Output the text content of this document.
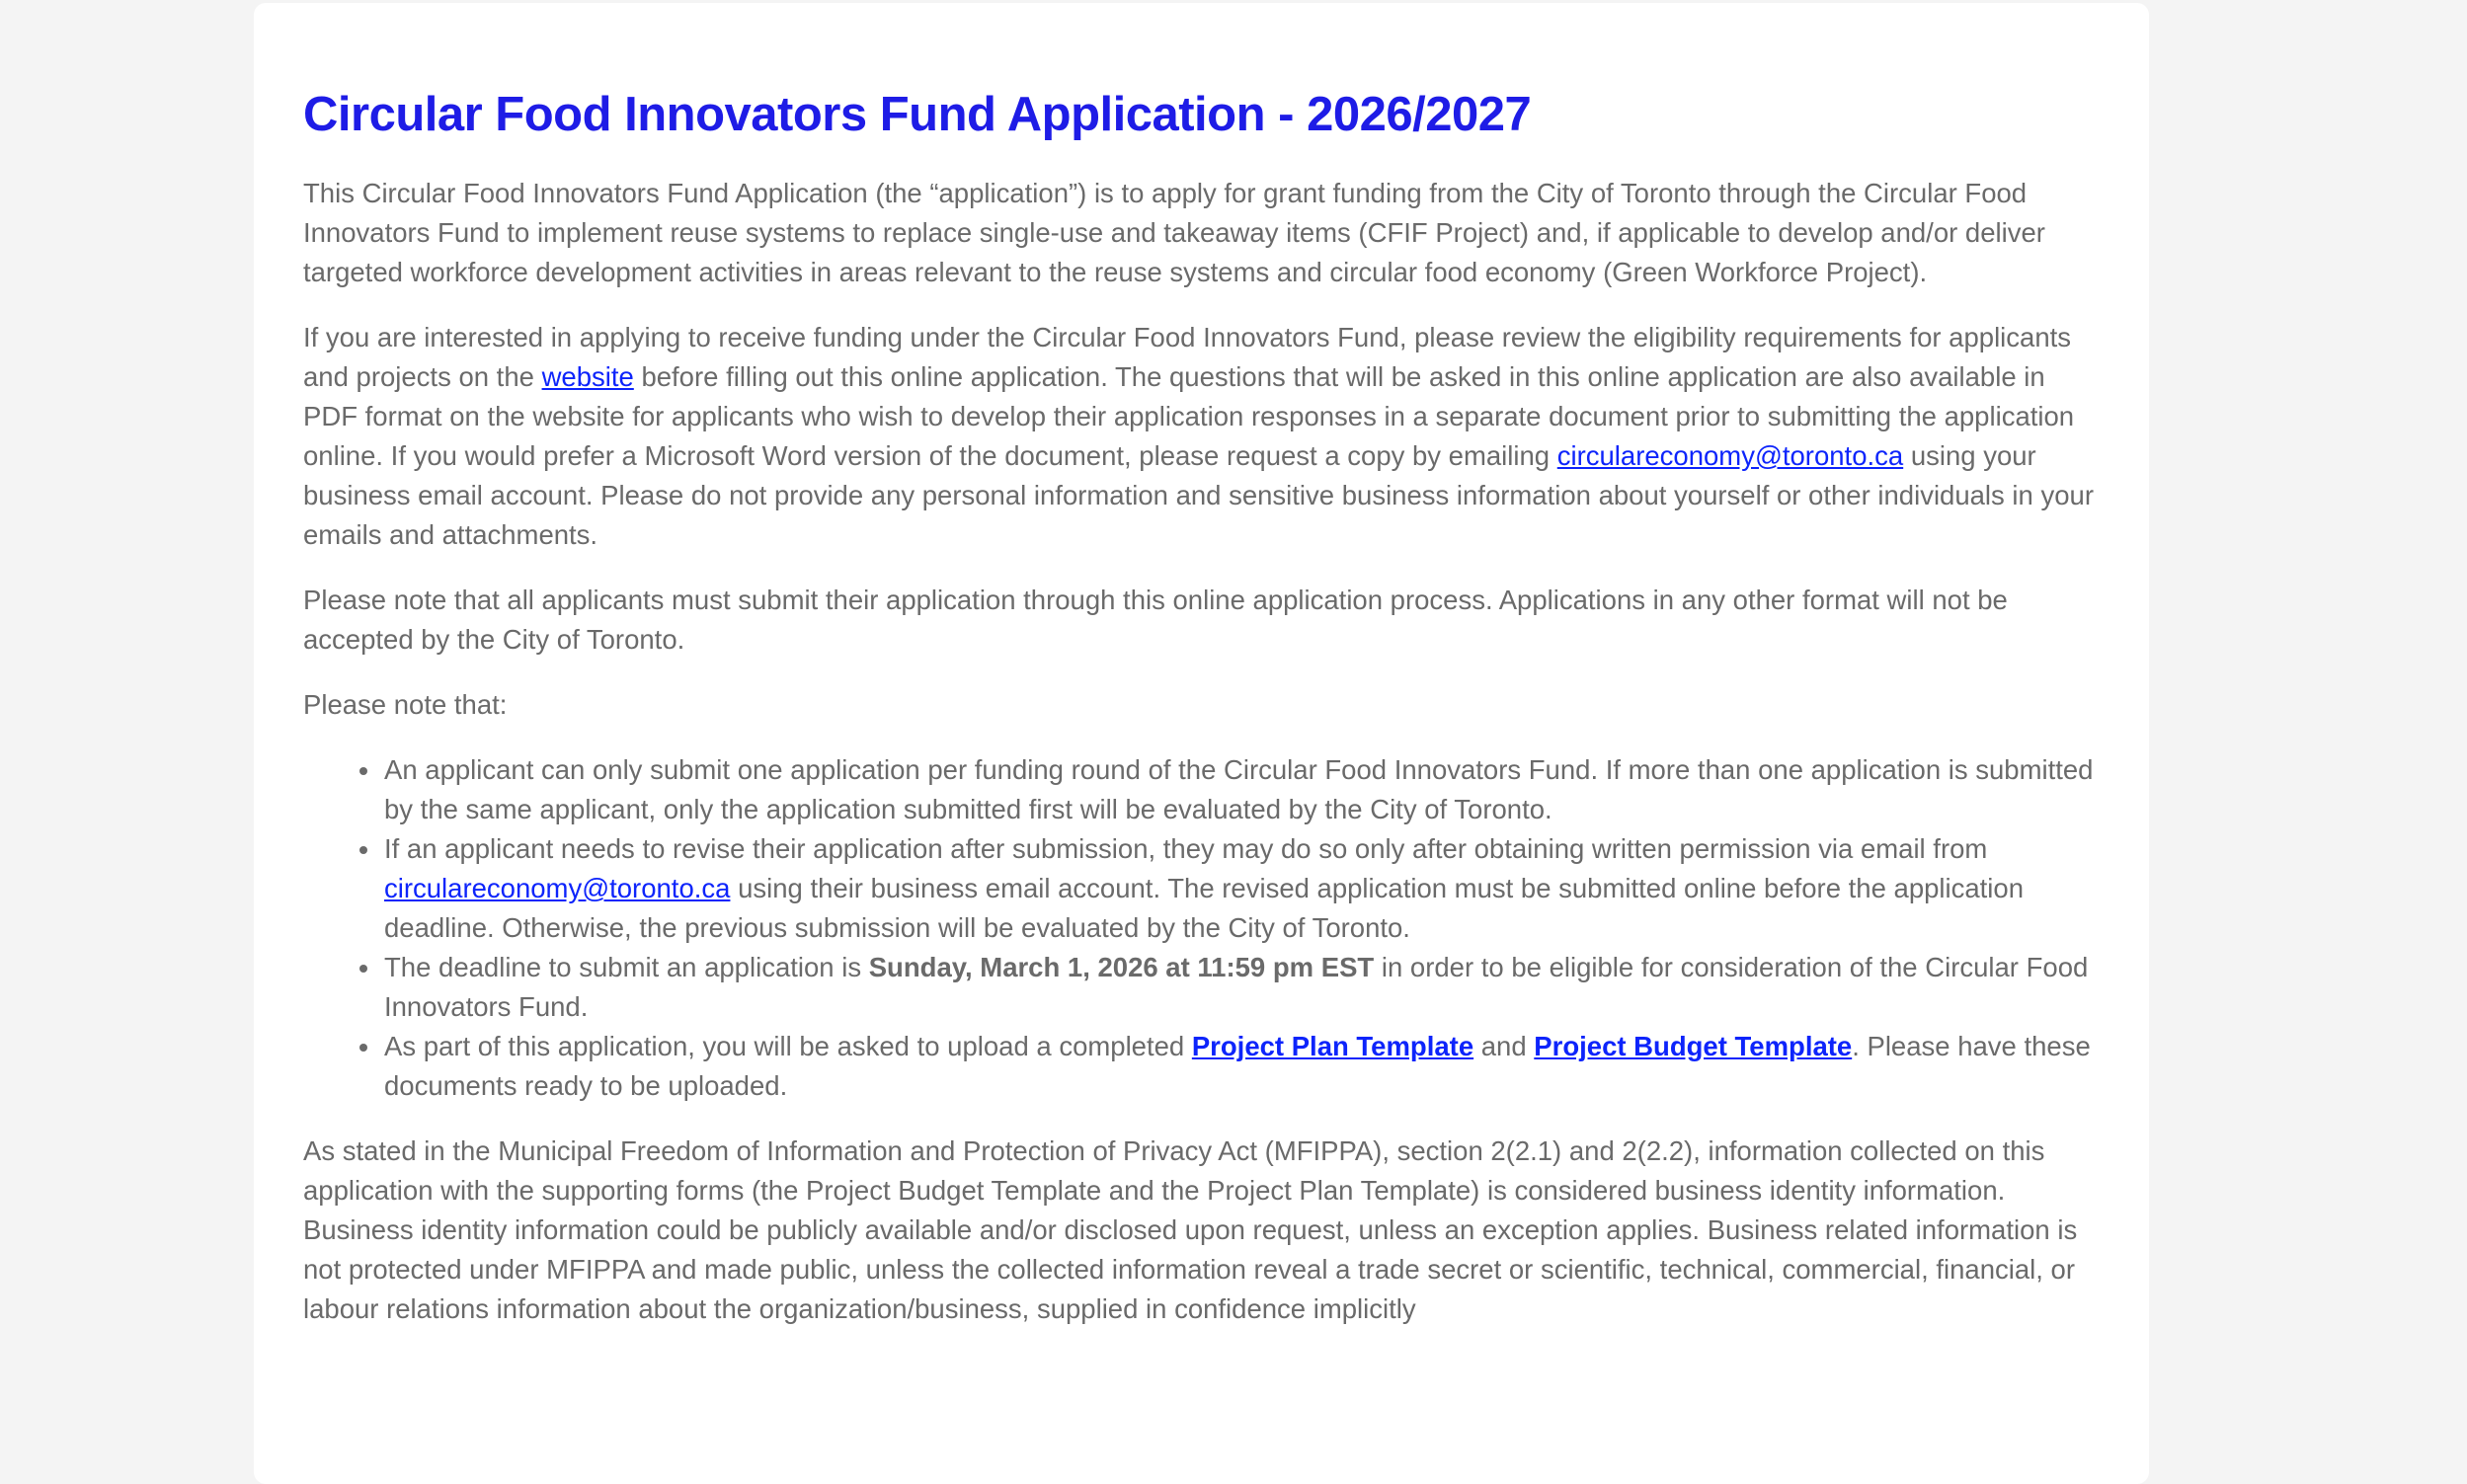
Circular Food Innovators Fund Application - 2026/2027

This Circular Food Innovators Fund Application (the “application”) is to apply for grant funding from the City of Toronto through the Circular Food Innovators Fund to implement reuse systems to replace single-use and takeaway items (CFIF Project) and, if applicable to develop and/or deliver targeted workforce development activities in areas relevant to the reuse systems and circular food economy (Green Workforce Project).

If you are interested in applying to receive funding under the Circular Food Innovators Fund, please review the eligibility requirements for applicants and projects on the website before filling out this online application. The questions that will be asked in this online application are also available in PDF format on the website for applicants who wish to develop their application responses in a separate document prior to submitting the application online. If you would prefer a Microsoft Word version of the document, please request a copy by emailing circulareconomy@toronto.ca using your business email account. Please do not provide any personal information and sensitive business information about yourself or other individuals in your emails and attachments.

Please note that all applicants must submit their application through this online application process. Applications in any other format will not be accepted by the City of Toronto.

Please note that:

• An applicant can only submit one application per funding round of the Circular Food Innovators Fund. If more than one application is submitted by the same applicant, only the application submitted first will be evaluated by the City of Toronto.
• If an applicant needs to revise their application after submission, they may do so only after obtaining written permission via email from circulareconomy@toronto.ca using their business email account. The revised application must be submitted online before the application deadline. Otherwise, the previous submission will be evaluated by the City of Toronto.
• The deadline to submit an application is Sunday, March 1, 2026 at 11:59 pm EST in order to be eligible for consideration of the Circular Food Innovators Fund.
• As part of this application, you will be asked to upload a completed Project Plan Template and Project Budget Template. Please have these documents ready to be uploaded.

As stated in the Municipal Freedom of Information and Protection of Privacy Act (MFIPPA), section 2(2.1) and 2(2.2), information collected on this application with the supporting forms (the Project Budget Template and the Project Plan Template) is considered business identity information. Business identity information could be publicly available and/or disclosed upon request, unless an exception applies. Business related information is not protected under MFIPPA and made public, unless the collected information reveal a trade secret or scientific, technical, commercial, financial, or labour relations information about the organization/business, supplied in confidence implicitly
